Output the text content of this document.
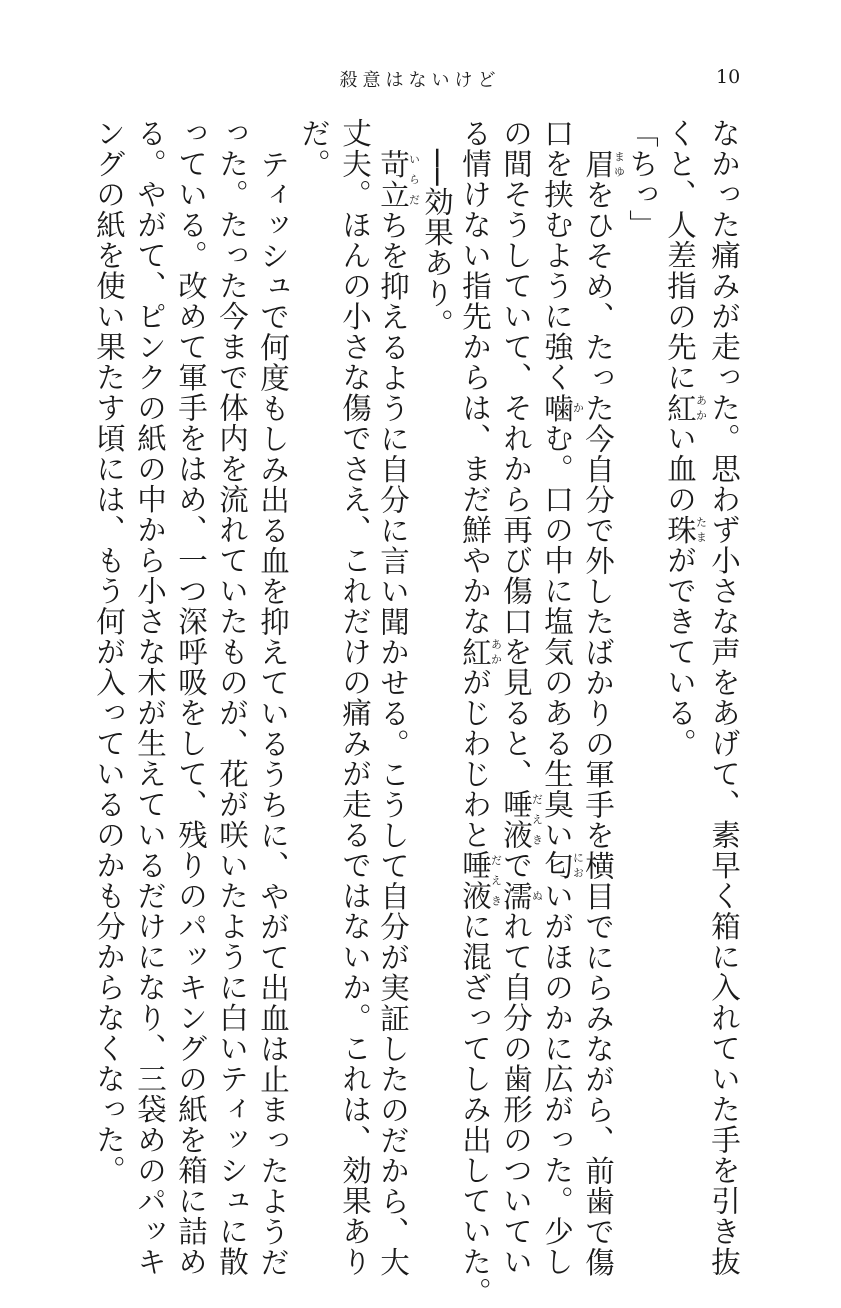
殺意はないけど	10
なかった痛みが走った。思わず小さな声をあげて、素早く箱に入れていた手を引き抜
くと、人差指の先に紅あかい血の珠たまができている。
「ちっ」
眉まゆをひそめ、たった今自分で外したばかりの軍手を横目でにらみながら、前歯で傷
口を挟むように強く噛かむ。口の中に塩気のある生臭い匂においがほのかに広がった。少し
の間そうしていて、それから再び傷口を見ると、唾液だえきで濡ぬれて自分の歯形のついてい
る情けない指先からは、まだ鮮やかな紅あかがじわじわと唾液だえきに混ざってしみ出していた。
──効果あり。
苛立いらだちを抑えるように自分に言い聞かせる。こうして自分が実証したのだから、大
丈夫。ほんの小さな傷でさえ、これだけの痛みが走るではないか。これは、効果あり
だ。
ティッシュで何度もしみ出る血を抑えているうちに、やがて出血は止まったようだ
った。たった今まで体内を流れていたものが、花が咲いたように白いティッシュに散
っている。改めて軍手をはめ、一つ深呼吸をして、残りのパッキングの紙を箱に詰め
る。やがて、ピンクの紙の中から小さな木が生えているだけになり、三袋めのパッキ
ングの紙を使い果たす頃には、もう何が入っているのかも分からなくなった。
